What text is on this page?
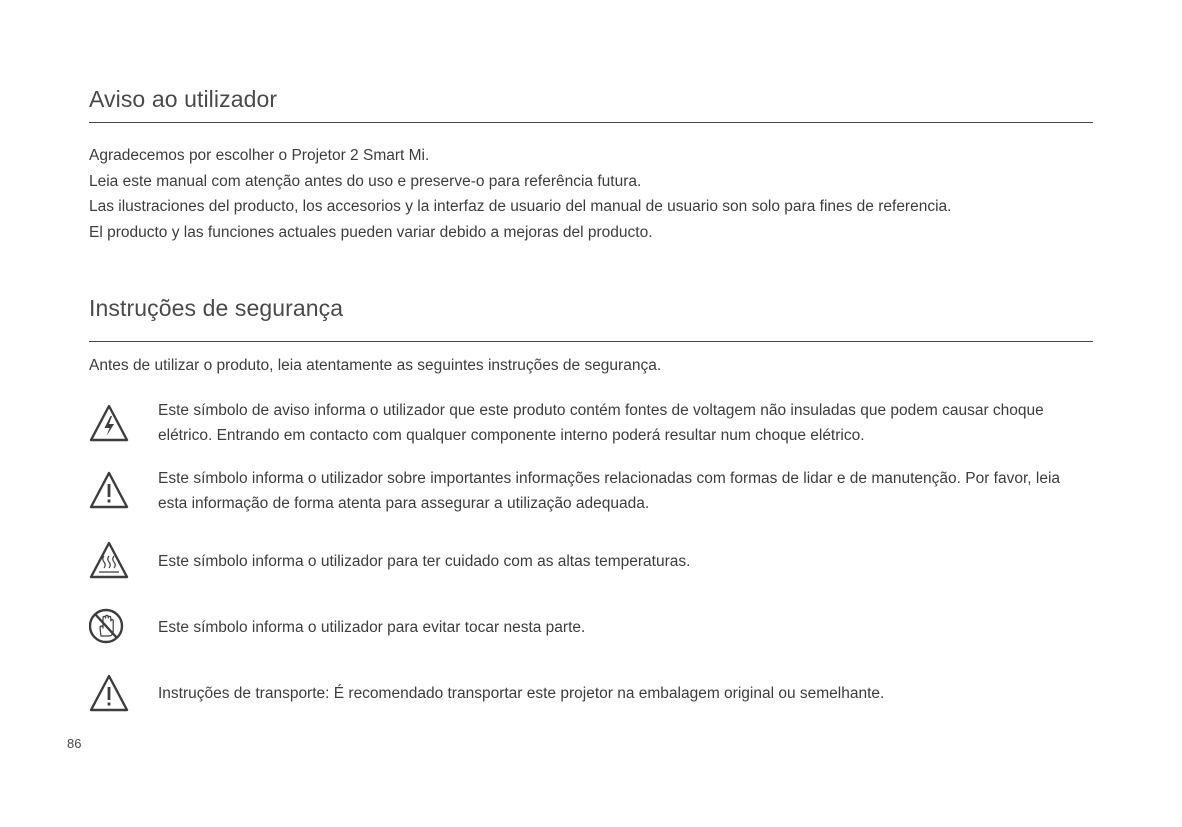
Aviso ao utilizador

Agradecemos por escolher o Projetor 2 Smart Mi.
Leia este manual com atenção antes do uso e preserve-o para referência futura.
Las ilustraciones del producto, los accesorios y la interfaz de usuario del manual de usuario son solo para fines de referencia.
El producto y las funciones actuales pueden variar debido a mejoras del producto.

Instruções de segurança

Antes de utilizar o produto, leia atentamente as seguintes instruções de segurança.

Este símbolo de aviso informa o utilizador que este produto contém fontes de voltagem não insuladas que podem causar choque elétrico. Entrando em contacto com qualquer componente interno poderá resultar num choque elétrico.

Este símbolo informa o utilizador sobre importantes informações relacionadas com formas de lidar e de manutenção. Por favor, leia esta informação de forma atenta para assegurar a utilização adequada.

Este símbolo informa o utilizador para ter cuidado com as altas temperaturas.

Este símbolo informa o utilizador para evitar tocar nesta parte.

Instruções de transporte: É recomendado transportar este projetor na embalagem original ou semelhante.

86
